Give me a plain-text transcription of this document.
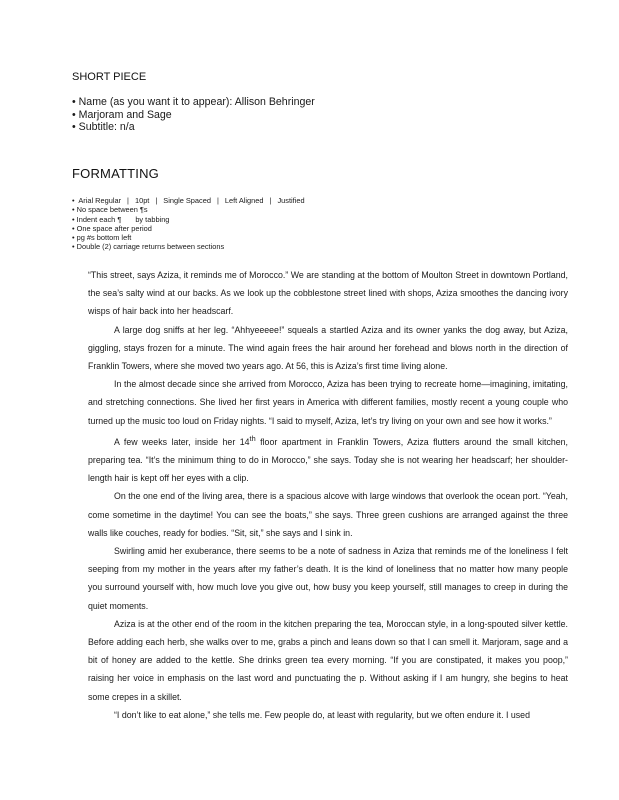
SHORT PIECE
• Name (as you want it to appear): Allison Behringer
• Marjoram and Sage
• Subtitle: n/a
FORMATTING
• Arial Regular | 10pt | Single Spaced | Left Aligned | Justified
• No space between ¶s
• Indent each ¶ by tabbing
• One space after period
• pg #s bottom left
• Double (2) carriage returns between sections

“This street, says Aziza, it reminds me of Morocco.” We are standing at the bottom of Moulton Street in downtown Portland, the sea’s salty wind at our backs. As we look up the cobblestone street lined with shops, Aziza smoothes the dancing ivory wisps of hair back into her headscarf.

A large dog sniffs at her leg. “Ahhyeeeee!” squeals a startled Aziza and its owner yanks the dog away, but Aziza, giggling, stays frozen for a minute. The wind again frees the hair around her forehead and blows north in the direction of Franklin Towers, where she moved two years ago. At 56, this is Aziza’s first time living alone.

In the almost decade since she arrived from Morocco, Aziza has been trying to recreate home—imagining, imitating, and stretching connections. She lived her first years in America with different families, mostly recent a young couple who turned up the music too loud on Friday nights. “I said to myself, Aziza, let’s try living on your own and see how it works.”

A few weeks later, inside her 14th floor apartment in Franklin Towers, Aziza flutters around the small kitchen, preparing tea. “It’s the minimum thing to do in Morocco,” she says. Today she is not wearing her headscarf; her shoulder-length hair is kept off her eyes with a clip.

On the one end of the living area, there is a spacious alcove with large windows that overlook the ocean port. “Yeah, come sometime in the daytime! You can see the boats,” she says. Three green cushions are arranged against the three walls like couches, ready for bodies. “Sit, sit,” she says and I sink in.

Swirling amid her exuberance, there seems to be a note of sadness in Aziza that reminds me of the loneliness I felt seeping from my mother in the years after my father’s death. It is the kind of loneliness that no matter how many people you surround yourself with, how much love you give out, how busy you keep yourself, still manages to creep in during the quiet moments.

Aziza is at the other end of the room in the kitchen preparing the tea, Moroccan style, in a long-spouted silver kettle. Before adding each herb, she walks over to me, grabs a pinch and leans down so that I can smell it. Marjoram, sage and a bit of honey are added to the kettle. She drinks green tea every morning. “If you are constipated, it makes you poop,” raising her voice in emphasis on the last word and punctuating the p. Without asking if I am hungry, she begins to heat some crepes in a skillet.

“I don’t like to eat alone,” she tells me. Few people do, at least with regularity, but we often endure it. I used
